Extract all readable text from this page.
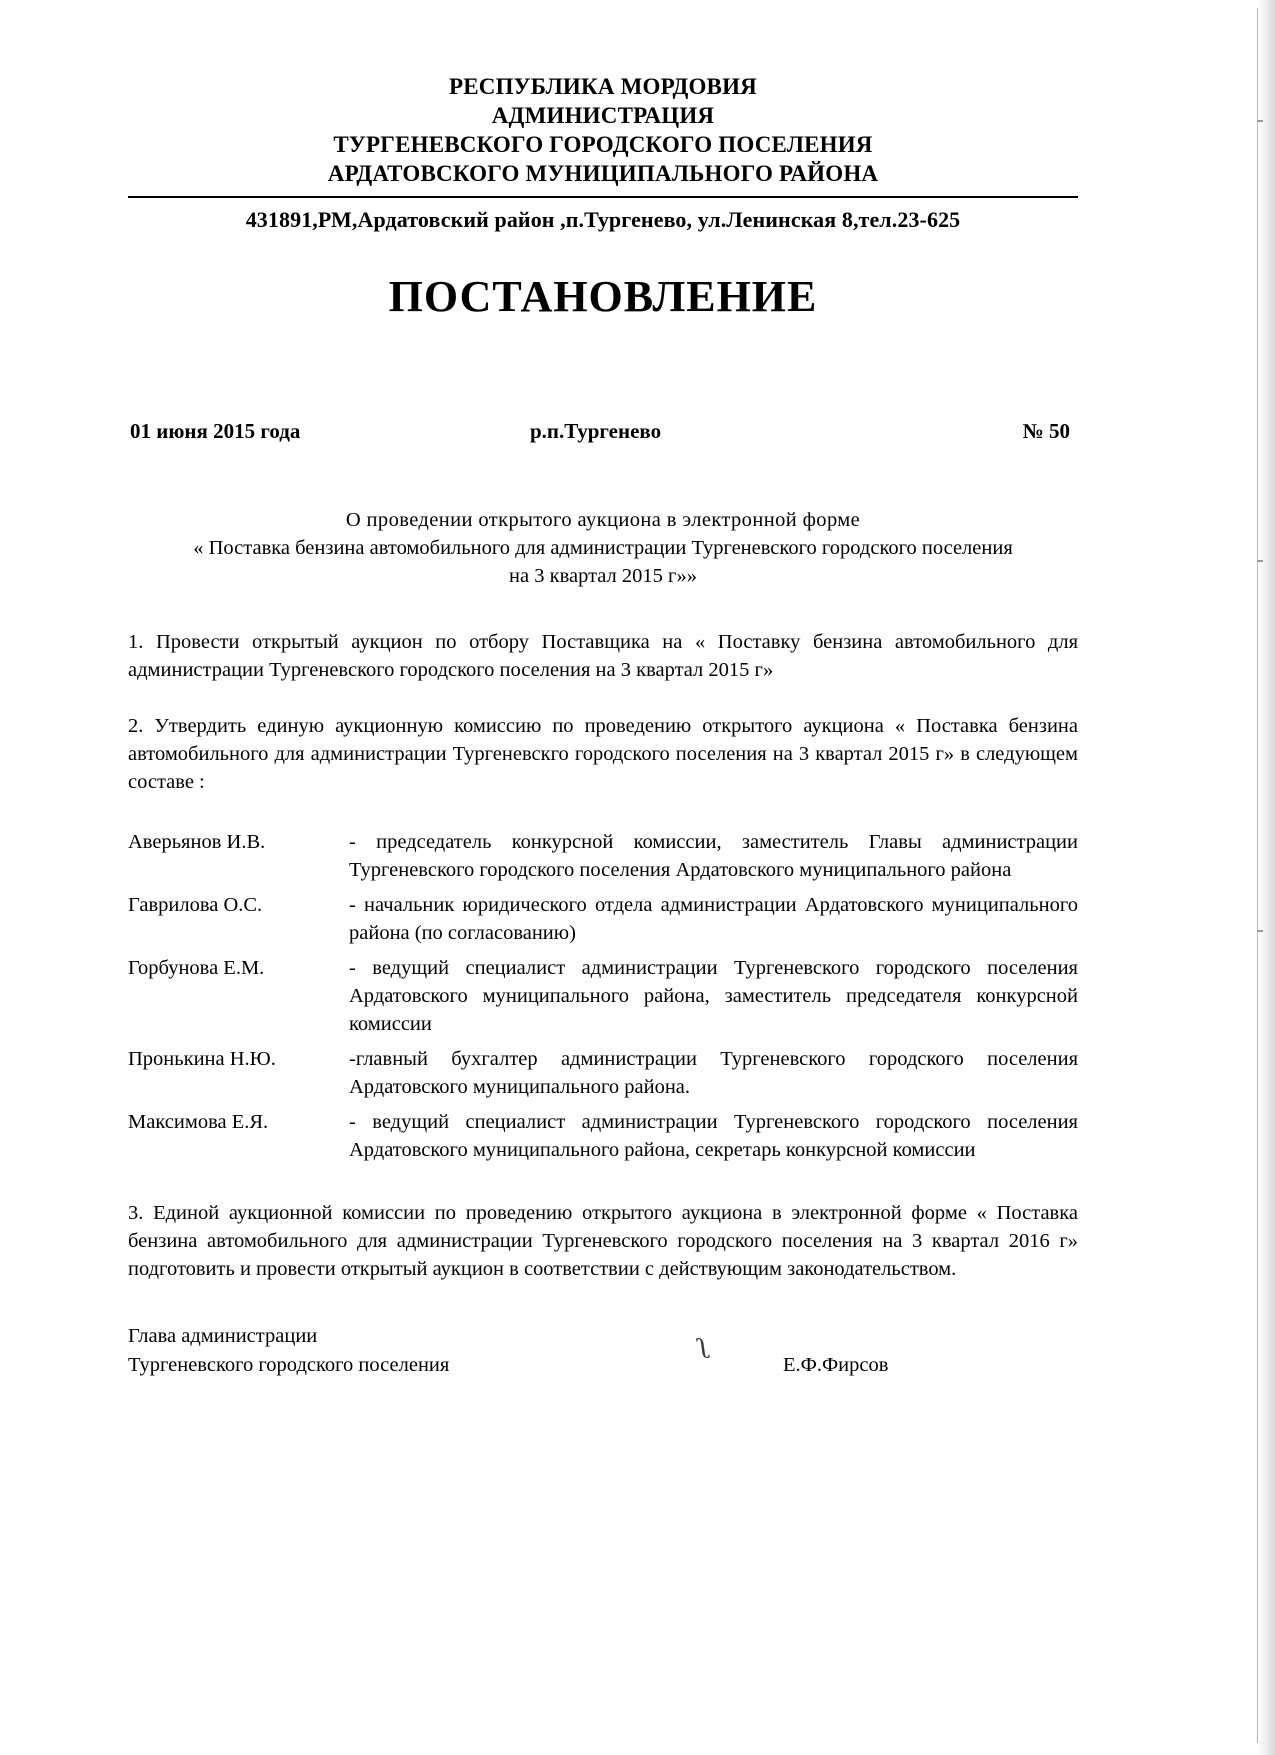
РЕСПУБЛИКА МОРДОВИЯ
АДМИНИСТРАЦИЯ
ТУРГЕНЕВСКОГО ГОРОДСКОГО ПОСЕЛЕНИЯ
АРДАТОВСКОГО МУНИЦИПАЛЬНОГО РАЙОНА
431891,РМ,Ардатовский район ,п.Тургенево, ул.Ленинская 8,тел.23-625
ПОСТАНОВЛЕНИЕ
01 июня 2015 года	р.п.Тургенево	№ 50
О проведении открытого аукциона в электронной форме
« Поставка бензина автомобильного для администрации Тургеневского городского поселения
на 3 квартал 2015 г»»

1. Провести открытый аукцион по отбору Поставщика на « Поставку бензина автомобильного для администрации Тургеневского городского поселения на 3 квартал 2015 г»

2. Утвердить единую аукционную комиссию по проведению открытого аукциона « Поставка бензина автомобильного для администрации Тургеневскго городского поселения на 3 квартал 2015 г» в следующем составе :

Аверьянов И.В.	- председатель конкурсной комиссии, заместитель Главы администрации Тургеневского городского поселения Ардатовского муниципального района
Гаврилова О.С.	- начальник юридического отдела администрации Ардатовского муниципального района (по согласованию)
Горбунова Е.М.	- ведущий специалист администрации Тургеневского городского поселения Ардатовского муниципального района, заместитель председателя конкурсной комиссии
Пронькина Н.Ю.	-главный бухгалтер администрации Тургеневского городского поселения Ардатовского муниципального района.
Максимова Е.Я.	- ведущий специалист администрации Тургеневского городского поселения Ардатовского муниципального района, секретарь конкурсной комиссии

3. Единой аукционной комиссии по проведению открытого аукциона в электронной форме « Поставка бензина автомобильного для администрации Тургеневского городского поселения на 3 квартал 2016 г» подготовить и провести открытый аукцион в соответствии с действующим законодательством.

Глава администрации
Тургеневского городского поселения	ʅ	Е.Ф.Фирсов
